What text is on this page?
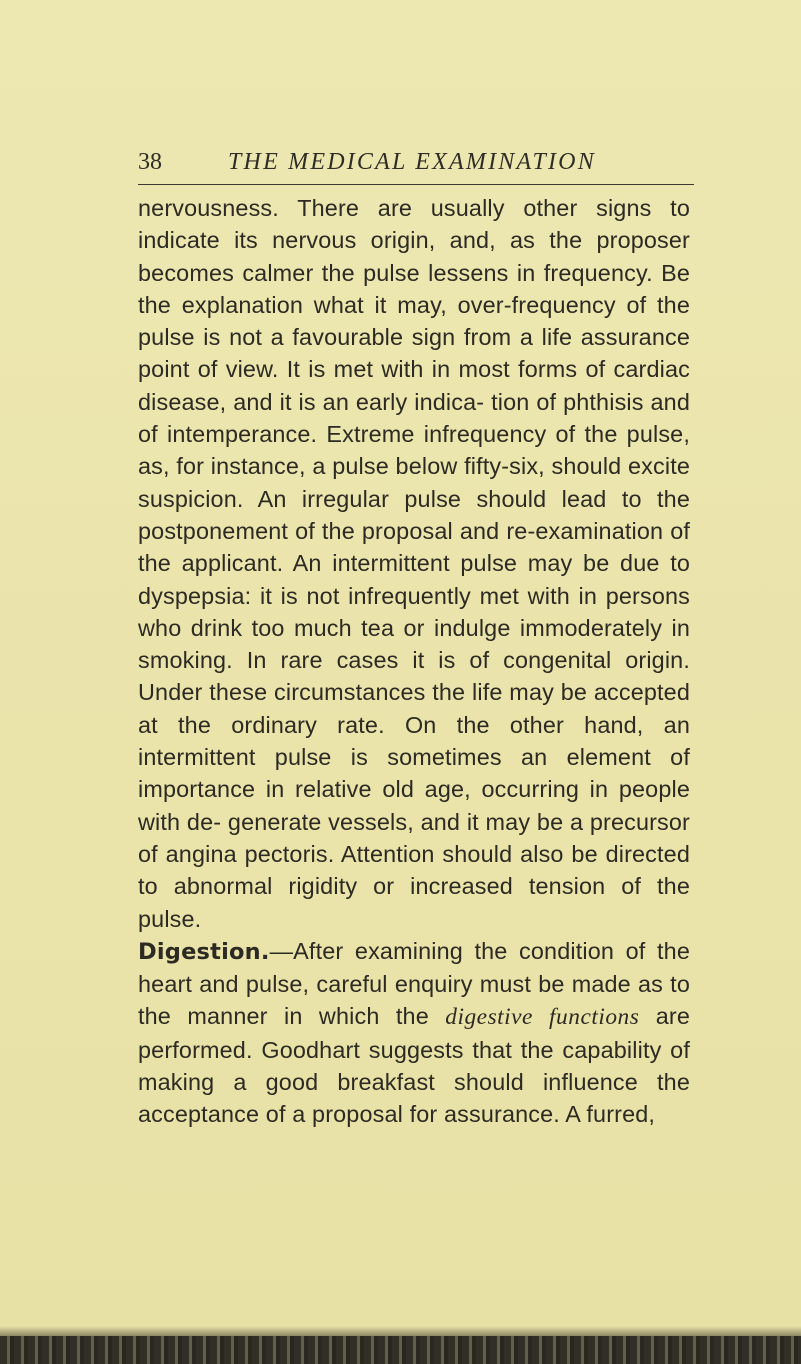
38	THE MEDICAL EXAMINATION

nervousness. There are usually other signs to indicate its nervous origin, and, as the proposer becomes calmer the pulse lessens in frequency. Be the explanation what it may, over-frequency of the pulse is not a favourable sign from a life assurance point of view. It is met with in most forms of cardiac disease, and it is an early indica- tion of phthisis and of intemperance. Extreme infrequency of the pulse, as, for instance, a pulse below fifty-six, should excite suspicion. An irregular pulse should lead to the postponement of the proposal and re-examination of the applicant. An intermittent pulse may be due to dyspepsia: it is not infrequently met with in persons who drink too much tea or indulge immoderately in smoking. In rare cases it is of congenital origin. Under these circumstances the life may be accepted at the ordinary rate. On the other hand, an intermittent pulse is sometimes an element of importance in relative old age, occurring in people with de- generate vessels, and it may be a precursor of angina pectoris. Attention should also be directed to abnormal rigidity or increased tension of the pulse.

Digestion.—After examining the condition of the heart and pulse, careful enquiry must be made as to the manner in which the digestive functions are performed. Goodhart suggests that the capability of making a good breakfast should influence the acceptance of a proposal for assurance. A furred,
